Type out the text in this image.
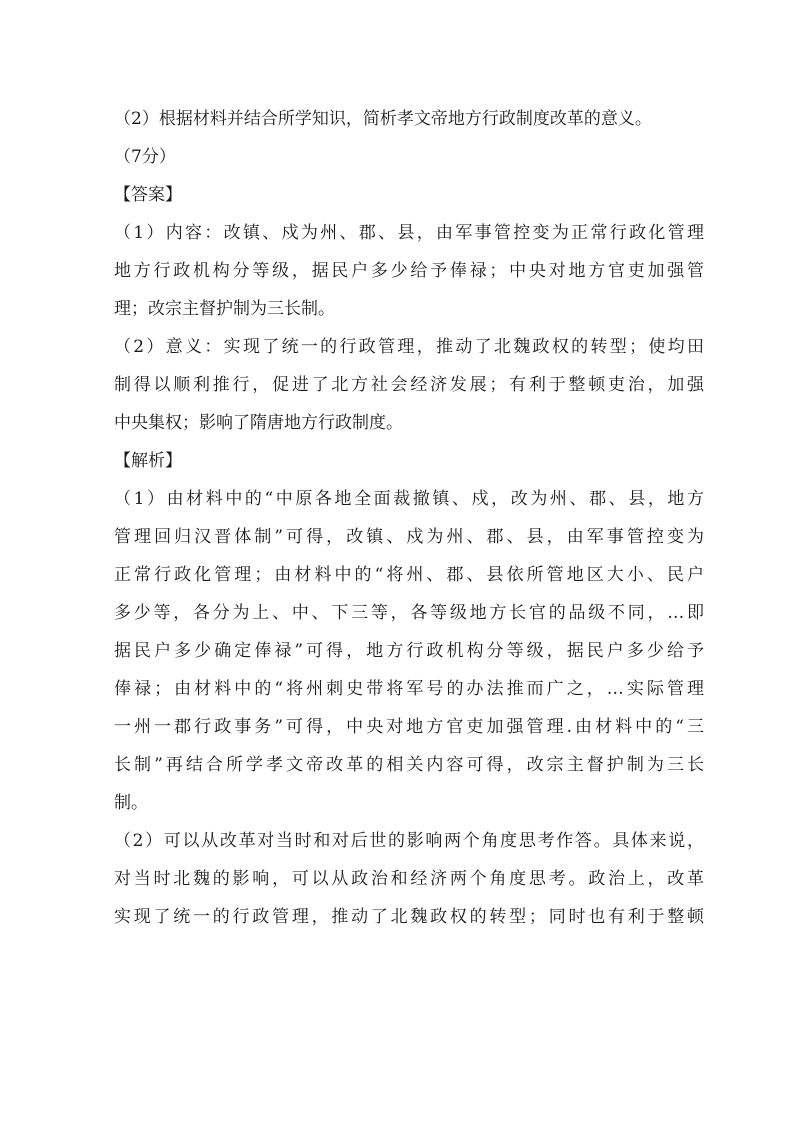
（2）根据材料并结合所学知识，简析孝文帝地方行政制度改革的意义。
（7分）
【答案】
（1）内容：改镇、戍为州、郡、县，由军事管控变为正常行政化管理
地方行政机构分等级，据民户多少给予俸禄；中央对地方官吏加强管
理；改宗主督护制为三长制。
（2）意义：实现了统一的行政管理，推动了北魏政权的转型；使均田
制得以顺利推行，促进了北方社会经济发展；有利于整顿吏治，加强
中央集权；影响了隋唐地方行政制度。
【解析】
（1）由材料中的“中原各地全面裁撤镇、戍，改为州、郡、县，地方
管理回归汉晋体制”可得，改镇、戍为州、郡、县，由军事管控变为
正常行政化管理；由材料中的“将州、郡、县依所管地区大小、民户
多少等，各分为上、中、下三等，各等级地方长官的品级不同，…即
据民户多少确定俸禄”可得，地方行政机构分等级，据民户多少给予
俸禄；由材料中的“将州刺史带将军号的办法推而广之，…实际管理
一州一郡行政事务”可得，中央对地方官吏加强管理.由材料中的“三
长制”再结合所学孝文帝改革的相关内容可得，改宗主督护制为三长
制。
（2）可以从改革对当时和对后世的影响两个角度思考作答。具体来说，
对当时北魏的影响，可以从政治和经济两个角度思考。政治上，改革
实现了统一的行政管理，推动了北魏政权的转型；同时也有利于整顿
